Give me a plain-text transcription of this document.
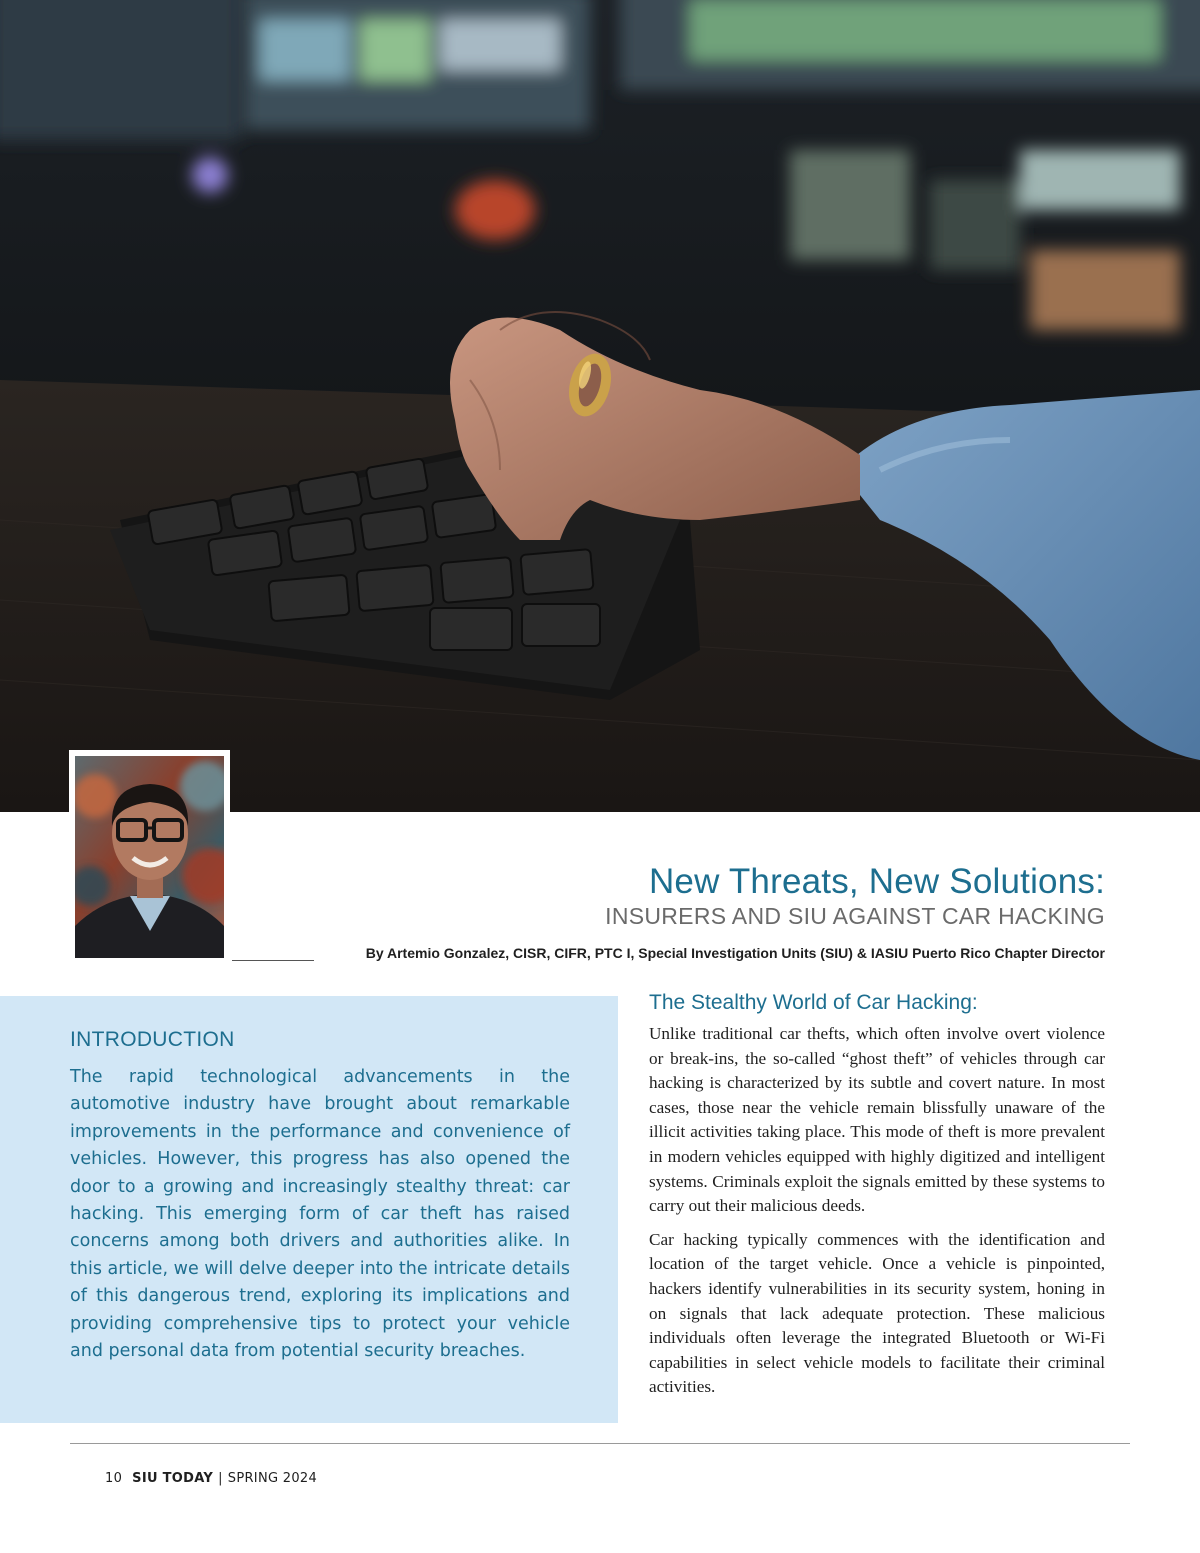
New Threats, New Solutions:
INSURERS AND SIU AGAINST CAR HACKING
By Artemio Gonzalez, CISR, CIFR, PTC I, Special Investigation Units (SIU) & IASIU Puerto Rico Chapter Director
INTRODUCTION

The rapid technological advancements in the automotive industry have brought about remarkable improvements in the performance and convenience of vehicles. However, this progress has also opened the door to a growing and increasingly stealthy threat: car hacking. This emerging form of car theft has raised concerns among both drivers and authorities alike. In this article, we will delve deeper into the intricate details of this dangerous trend, exploring its implications and providing comprehensive tips to protect your vehicle and personal data from potential security breaches.

The Stealthy World of Car Hacking:

Unlike traditional car thefts, which often involve overt violence or break-ins, the so-called “ghost theft” of vehicles through car hacking is characterized by its subtle and covert nature. In most cases, those near the vehicle remain blissfully unaware of the illicit activities taking place. This mode of theft is more prevalent in modern vehicles equipped with highly digitized and intelligent systems. Criminals exploit the signals emitted by these systems to carry out their malicious deeds.

Car hacking typically commences with the identification and location of the target vehicle. Once a vehicle is pinpointed, hackers identify vulnerabilities in its security system, honing in on signals that lack adequate protection. These malicious individuals often leverage the integrated Bluetooth or Wi-Fi capabilities in select vehicle models to facilitate their criminal activities.

10 SIU TODAY | SPRING 2024
